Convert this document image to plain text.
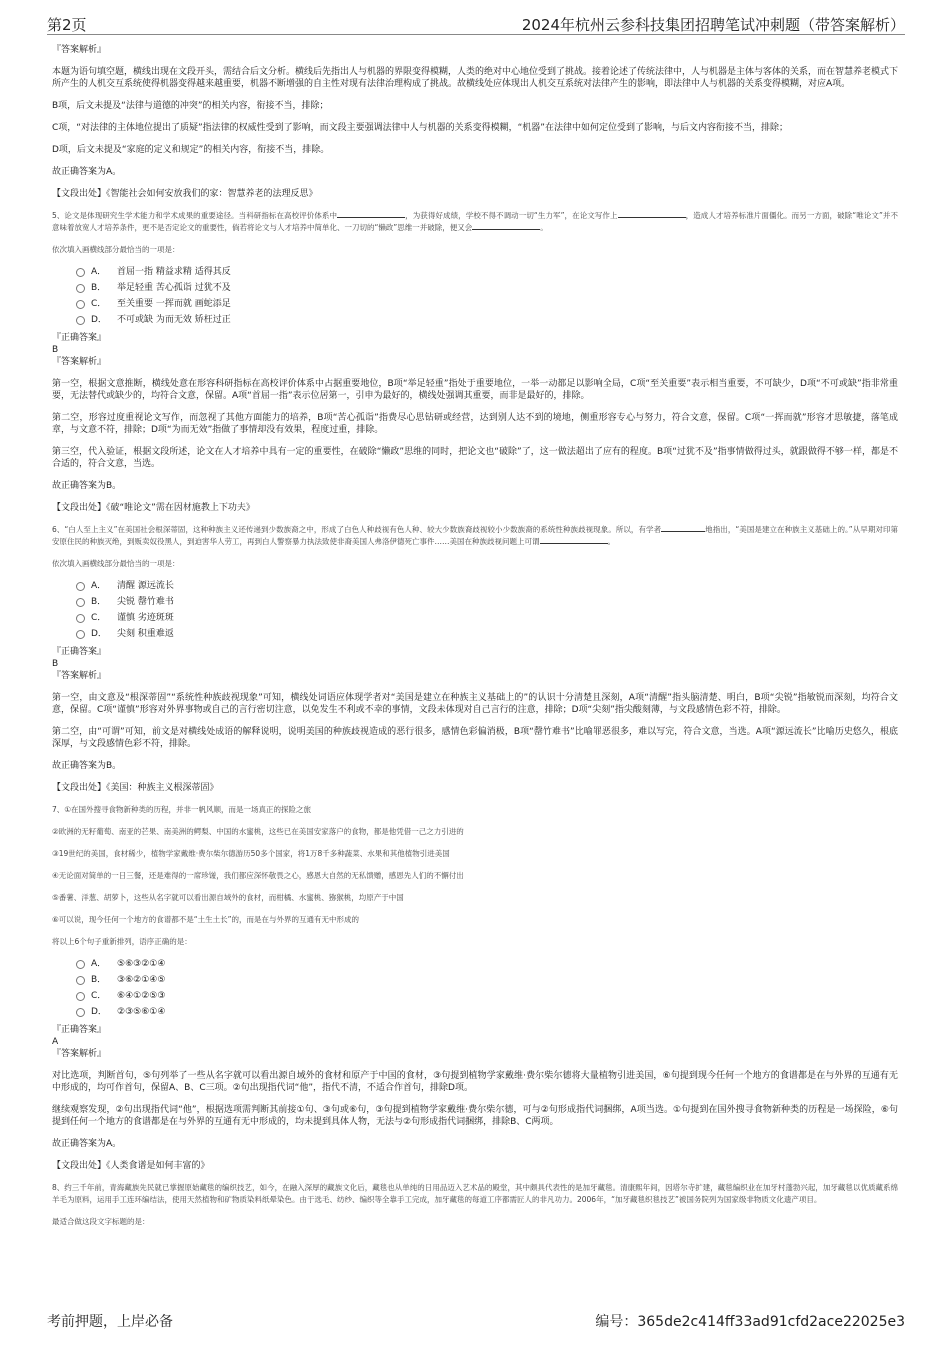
第2页	2024年杭州云参科技集团招聘笔试冲刺题（带答案解析）

『答案解析』

本题为语句填空题，横线出现在文段开头，需结合后文分析。横线后先指出人与机器的界限变得模糊，人类的绝对中心地位受到了挑战。接着论述了传统法律中，人与机器是主体与客体的关系，而在智慧养老模式下所产生的人机交互系统使得机器变得越来越重要，机器不断增强的自主性对现有法律治理构成了挑战。故横线处应体现出人机交互系统对法律产生的影响，即法律中人与机器的关系变得模糊，对应A项。

B项，后文未提及“法律与道德的冲突”的相关内容，衔接不当，排除；

C项，“对法律的主体地位提出了质疑”指法律的权威性受到了影响，而文段主要强调法律中人与机器的关系变得模糊，“机器”在法律中如何定位受到了影响，与后文内容衔接不当，排除；

D项，后文未提及“家庭的定义和规定”的相关内容，衔接不当，排除。

故正确答案为A。

【文段出处】《智能社会如何安放我们的家：智慧养老的法理反思》

5、论文是体现研究生学术能力和学术成果的重要途径。当科研指标在高校评价体系中	，为获得好成绩，学校不得不调动一切“生力军”，在论文写作上	，造成人才培养标准片面僵化。而另一方面，破除“唯论文”并不意味着放宽人才培养条件，更不是否定论文的重要性，倘若将论文与人才培养中简单化、一刀切的“懒政”思维一并破除，便又会	。

依次填入画横线部分最恰当的一项是：

A．	首屈一指 精益求精 适得其反
B．	举足轻重 苦心孤诣 过犹不及
C．	至关重要 一挥而就 画蛇添足
D．	不可或缺 为而无效 矫枉过正

『正确答案』

B

『答案解析』

第一空，根据文意推断，横线处意在形容科研指标在高校评价体系中占据重要地位，B项“举足轻重”指处于重要地位，一举一动都足以影响全局，C项“至关重要”表示相当重要，不可缺少，D项“不可或缺”指非常重要，无法替代或缺少的，均符合文意，保留。A项“首屈一指”表示位居第一，引申为最好的，横线处强调其重要，而非是最好的，排除。

第二空，形容过度重视论文写作，而忽视了其他方面能力的培养，B项“苦心孤诣”指费尽心思钻研或经营，达到别人达不到的境地，侧重形容专心与努力，符合文意，保留。C项“一挥而就”形容才思敏捷，落笔成章，与文意不符，排除；D项“为而无效”指做了事情却没有效果，程度过重，排除。

第三空，代入验证，根据文段所述，论文在人才培养中具有一定的重要性，在破除“懒政”思维的同时，把论文也“破除”了，这一做法超出了应有的程度。B项“过犹不及”指事情做得过头，就跟做得不够一样，都是不合适的，符合文意，当选。

故正确答案为B。

【文段出处】《破“唯论文”需在因材施教上下功夫》

6、“白人至上主义”在美国社会根深蒂固，这种种族主义还传递到少数族裔之中，形成了白色人种歧视有色人种、较大少数族裔歧视较小少数族裔的系统性种族歧视现象。所以，有学者	地指出，“美国是建立在种族主义基础上的。”从早期对印第安原住民的种族灭绝，到贩卖奴役黑人，到迫害华人劳工，再到白人警察暴力执法致使非裔美国人弗洛伊德死亡事件……美国在种族歧视问题上可谓	。

依次填入画横线部分最恰当的一项是：

A．	清醒 源远流长
B．	尖锐 罄竹难书
C．	谨慎 劣迹斑斑
D．	尖刻 积重难返

『正确答案』

B

『答案解析』

第一空，由文意及“根深蒂固”“系统性种族歧视现象”可知，横线处词语应体现学者对“美国是建立在种族主义基础上的”的认识十分清楚且深刻，A项“清醒”指头脑清楚、明白，B项“尖锐”指敏锐而深刻，均符合文意，保留。C项“谨慎”形容对外界事物或自己的言行密切注意，以免发生不利或不幸的事情，文段未体现对自己言行的注意，排除；D项“尖刻”指尖酸刻薄，与文段感情色彩不符，排除。

第二空，由“可谓”可知，前文是对横线处成语的解释说明，说明美国的种族歧视造成的恶行很多，感情色彩偏消极，B项“罄竹难书”比喻罪恶很多，难以写完，符合文意，当选。A项“源远流长”比喻历史悠久，根底深厚，与文段感情色彩不符，排除。

故正确答案为B。

【文段出处】《美国：种族主义根深蒂固》

7、①在国外搜寻食物新种类的历程，并非一帆风顺，而是一场真正的探险之旅

②欧洲的无籽葡萄、南亚的芒果、南美洲的鳄梨、中国的水蜜桃，这些已在美国安家落户的食物，都是他凭借一己之力引进的

③19世纪的美国，食材稀少，植物学家戴维·费尔柴尔德游历50多个国家，将1万8千多种蔬菜、水果和其他植物引进美国

④无论面对简单的一日三餐，还是难得的一席珍馐，我们都应深怀敬畏之心，感恩大自然的无私馈赠，感恩先人们的不懈付出

⑤番薯、洋葱、胡萝卜，这些从名字就可以看出源自域外的食材，而柑橘、水蜜桃、猕猴桃，均原产于中国

⑥可以说，现今任何一个地方的食谱都不是“土生土长”的，而是在与外界的互通有无中形成的

将以上6个句子重新排列，语序正确的是：

A．	⑤⑥③②①④
B．	③⑥②①④⑤
C．	⑥④①②⑤③
D．	②③⑤⑥①④

『正确答案』

A

『答案解析』

对比选项，判断首句，⑤句列举了一些从名字就可以看出源自域外的食材和原产于中国的食材，③句提到植物学家戴维·费尔柴尔德将大量植物引进美国，⑥句提到现今任何一个地方的食谱都是在与外界的互通有无中形成的，均可作首句，保留A、B、C三项。②句出现指代词“他”，指代不清，不适合作首句，排除D项。

继续观察发现，②句出现指代词“他”，根据选项需判断其前接①句、③句或⑥句，③句提到植物学家戴维·费尔柴尔德，可与②句形成指代词捆绑，A项当选。①句提到在国外搜寻食物新种类的历程是一场探险，⑥句提到任何一个地方的食谱都是在与外界的互通有无中形成的，均未提到具体人物，无法与②句形成指代词捆绑，排除B、C两项。

故正确答案为A。

【文段出处】《人类食谱是如何丰富的》

8、约三千年前，青海藏族先民就已掌握原始藏毯的编织技艺，如今，在融入深厚的藏族文化后，藏毯也从单纯的日用品迈入艺术品的殿堂，其中颇具代表性的是加牙藏毯。清康熙年间，因塔尔寺扩建，藏毯编织业在加牙村蓬勃兴起，加牙藏毯以优质藏系绵羊毛为原料，运用手工连环编结法，使用天然植物和矿物质染料纸晕染色。由于选毛、纺纱、编织等全靠手工完成，加牙藏毯的每道工序都需匠人的非凡功力。2006年，“加牙藏毯织毯技艺”被国务院列为国家级非物质文化遗产项目。

最适合做这段文字标题的是：

考前押题，上岸必备	编号：365de2c414ff33ad91cfd2ace22025e3
